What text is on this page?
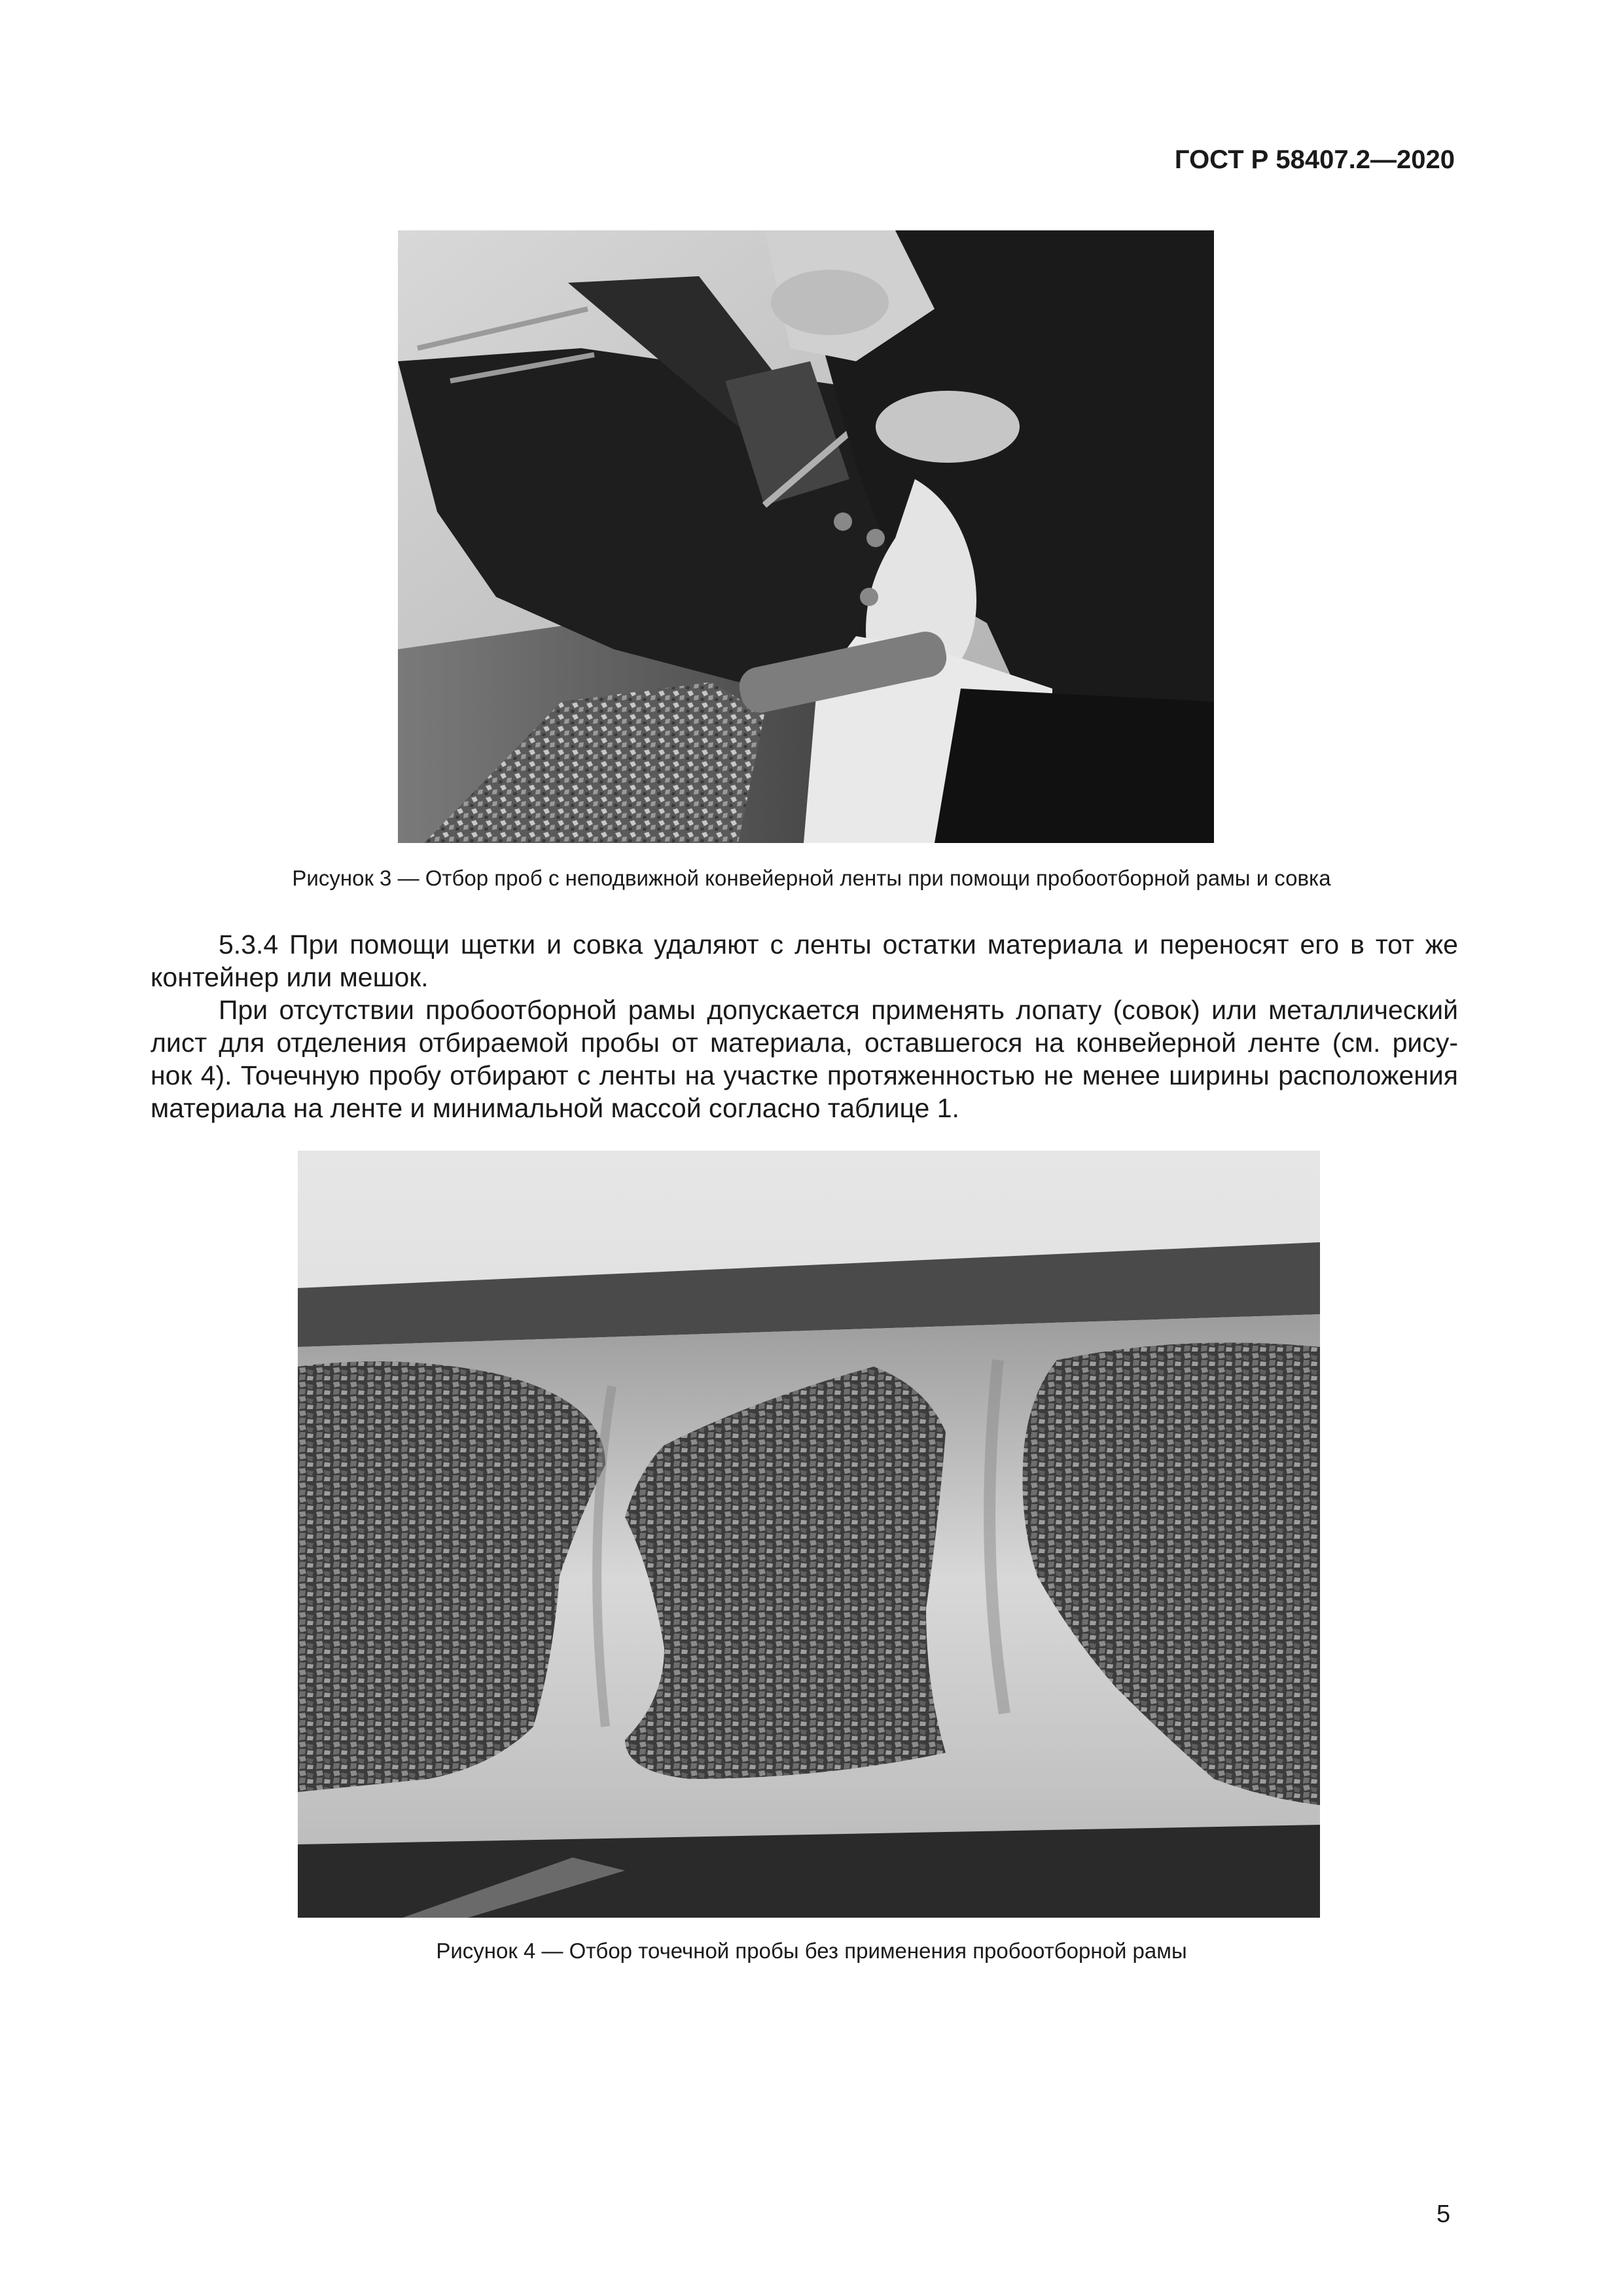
ГОСТ Р 58407.2—2020
Рисунок 3 — Отбор проб с неподвижной конвейерной ленты при помощи пробоотборной рамы и совка

5.3.4 При помощи щетки и совка удаляют с ленты остатки материала и переносят его в тот же контейнер или мешок.

При отсутствии пробоотборной рамы допускается применять лопату (совок) или металлический

лист для отделения отбираемой пробы от материала, оставшегося на конвейерной ленте (см. рису-
нок 4). Точечную пробу отбирают с ленты на участке протяженностью не менее ширины расположения
материала на ленте и минимальной массой согласно таблице 1.
Рисунок 4 — Отбор точечной пробы без применения пробоотборной рамы
5
